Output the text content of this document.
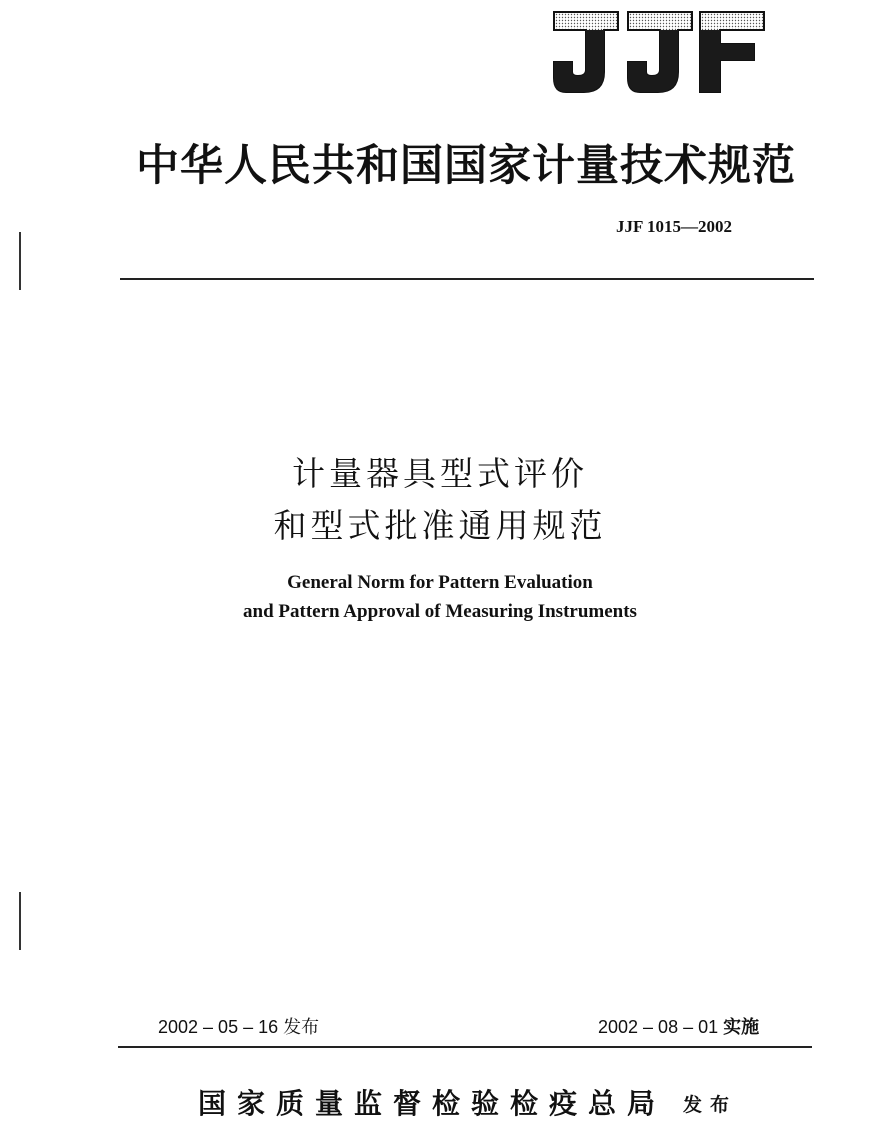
中华人民共和国国家计量技术规范
JJF 1015—2002
计量器具型式评价
和型式批准通用规范
General Norm for Pattern Evaluation
and Pattern Approval of Measuring Instruments
2002 – 05 – 16 发布	2002 – 08 – 01 实施
国家质量监督检验检疫总局 发布
